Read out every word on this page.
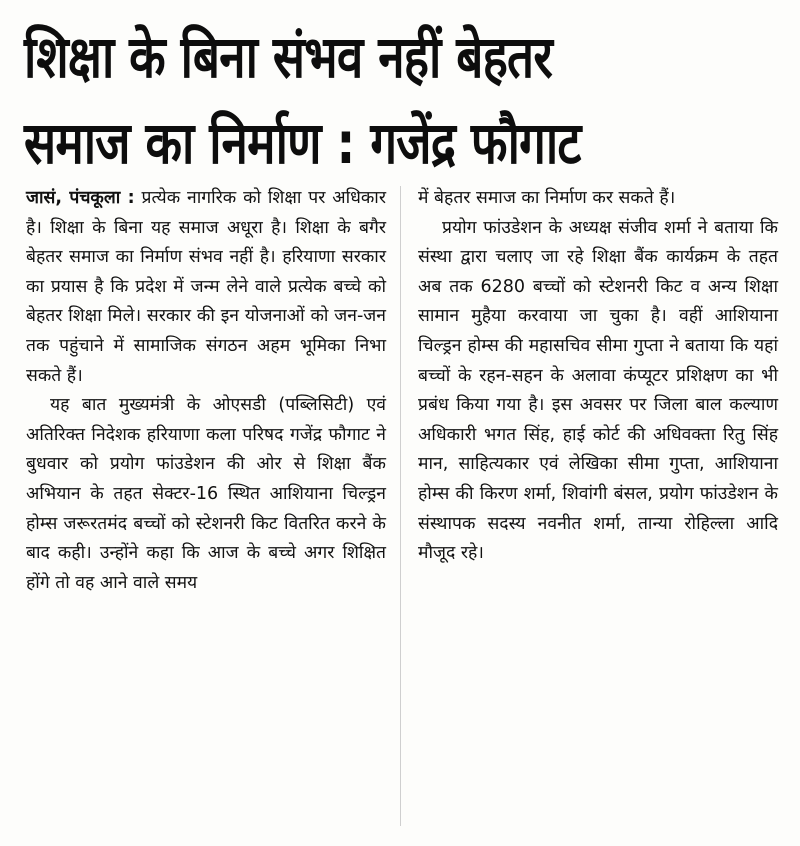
शिक्षा के बिना संभव नहीं बेहतर
समाज का निर्माण : गजेंद्र फौगाट

जासं, पंचकूला : प्रत्येक नागरिक को शिक्षा पर अधिकार है। शिक्षा के बिना यह समाज अधूरा है। शिक्षा के बगैर बेहतर समाज का निर्माण संभव नहीं है। हरियाणा सरकार का प्रयास है कि प्रदेश में जन्म लेने वाले प्रत्येक बच्चे को बेहतर शिक्षा मिले। सरकार की इन योजनाओं को जन-जन तक पहुंचाने में सामाजिक संगठन अहम भूमिका निभा सकते हैं।

यह बात मुख्यमंत्री के ओएसडी (पब्लिसिटी) एवं अतिरिक्त निदेशक हरियाणा कला परिषद गजेंद्र फौगाट ने बुधवार को प्रयोग फांउडेशन की ओर से शिक्षा बैंक अभियान के तहत सेक्टर-16 स्थित आशियाना चिल्ड्रन होम्स जरूरतमंद बच्चों को स्टेशनरी किट वितरित करने के बाद कही। उन्होंने कहा कि आज के बच्चे अगर शिक्षित होंगे तो वह आने वाले समय

में बेहतर समाज का निर्माण कर सकते हैं।

प्रयोग फांउडेशन के अध्यक्ष संजीव शर्मा ने बताया कि संस्था द्वारा चलाए जा रहे शिक्षा बैंक कार्यक्रम के तहत अब तक 6280 बच्चों को स्टेशनरी किट व अन्य शिक्षा सामान मुहैया करवाया जा चुका है। वहीं आशियाना चिल्ड्रन होम्स की महासचिव सीमा गुप्ता ने बताया कि यहां बच्चों के रहन-सहन के अलावा कंप्यूटर प्रशिक्षण का भी प्रबंध किया गया है। इस अवसर पर जिला बाल कल्याण अधिकारी भगत सिंह, हाई कोर्ट की अधिवक्ता रितु सिंह मान, साहित्यकार एवं लेखिका सीमा गुप्ता, आशियाना होम्स की किरण शर्मा, शिवांगी बंसल, प्रयोग फांउडेशन के संस्थापक सदस्य नवनीत शर्मा, तान्या रोहिल्ला आदि मौजूद रहे।
